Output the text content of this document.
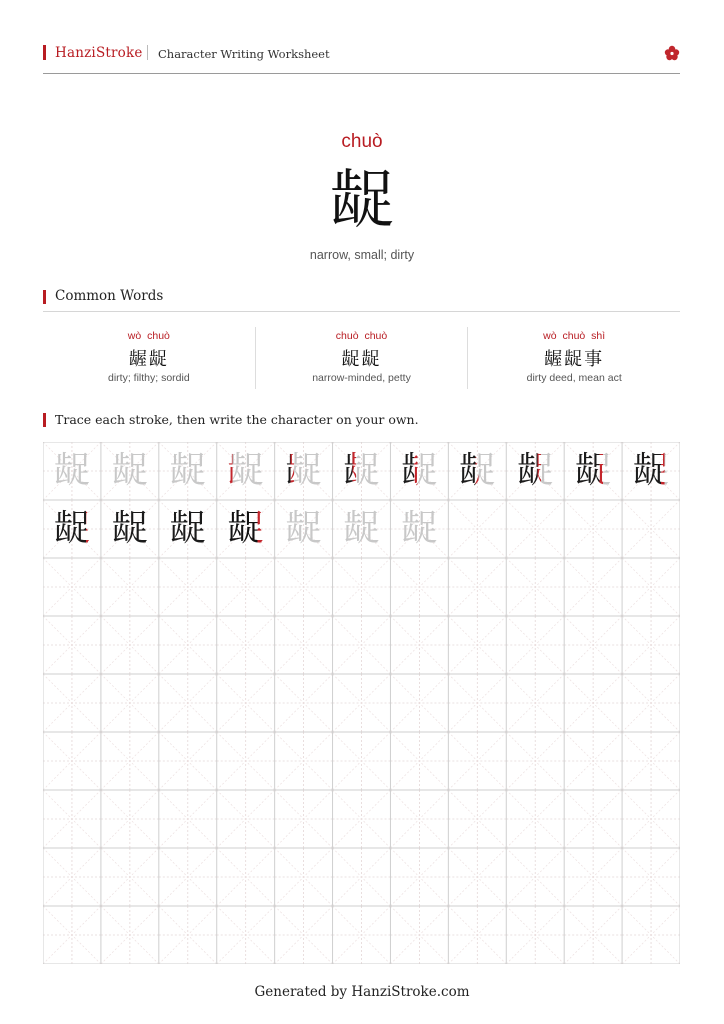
HanziStroke Character Writing Worksheet
chuò
龊
narrow, small; dirty
Common Words
wò chuò
龌龊
dirty; filthy; sordid
chuò chuò
龊龊
narrow-minded, petty
wò chuò shì
龌龊事
dirty deed, mean act
Trace each stroke, then write the character on your own.
龊 龊 龊 龊 龊 龊 龊 龊 龊 龊 龊
龊 龊 龊 龊 龊 龊 龊
Generated by HanziStroke.com
